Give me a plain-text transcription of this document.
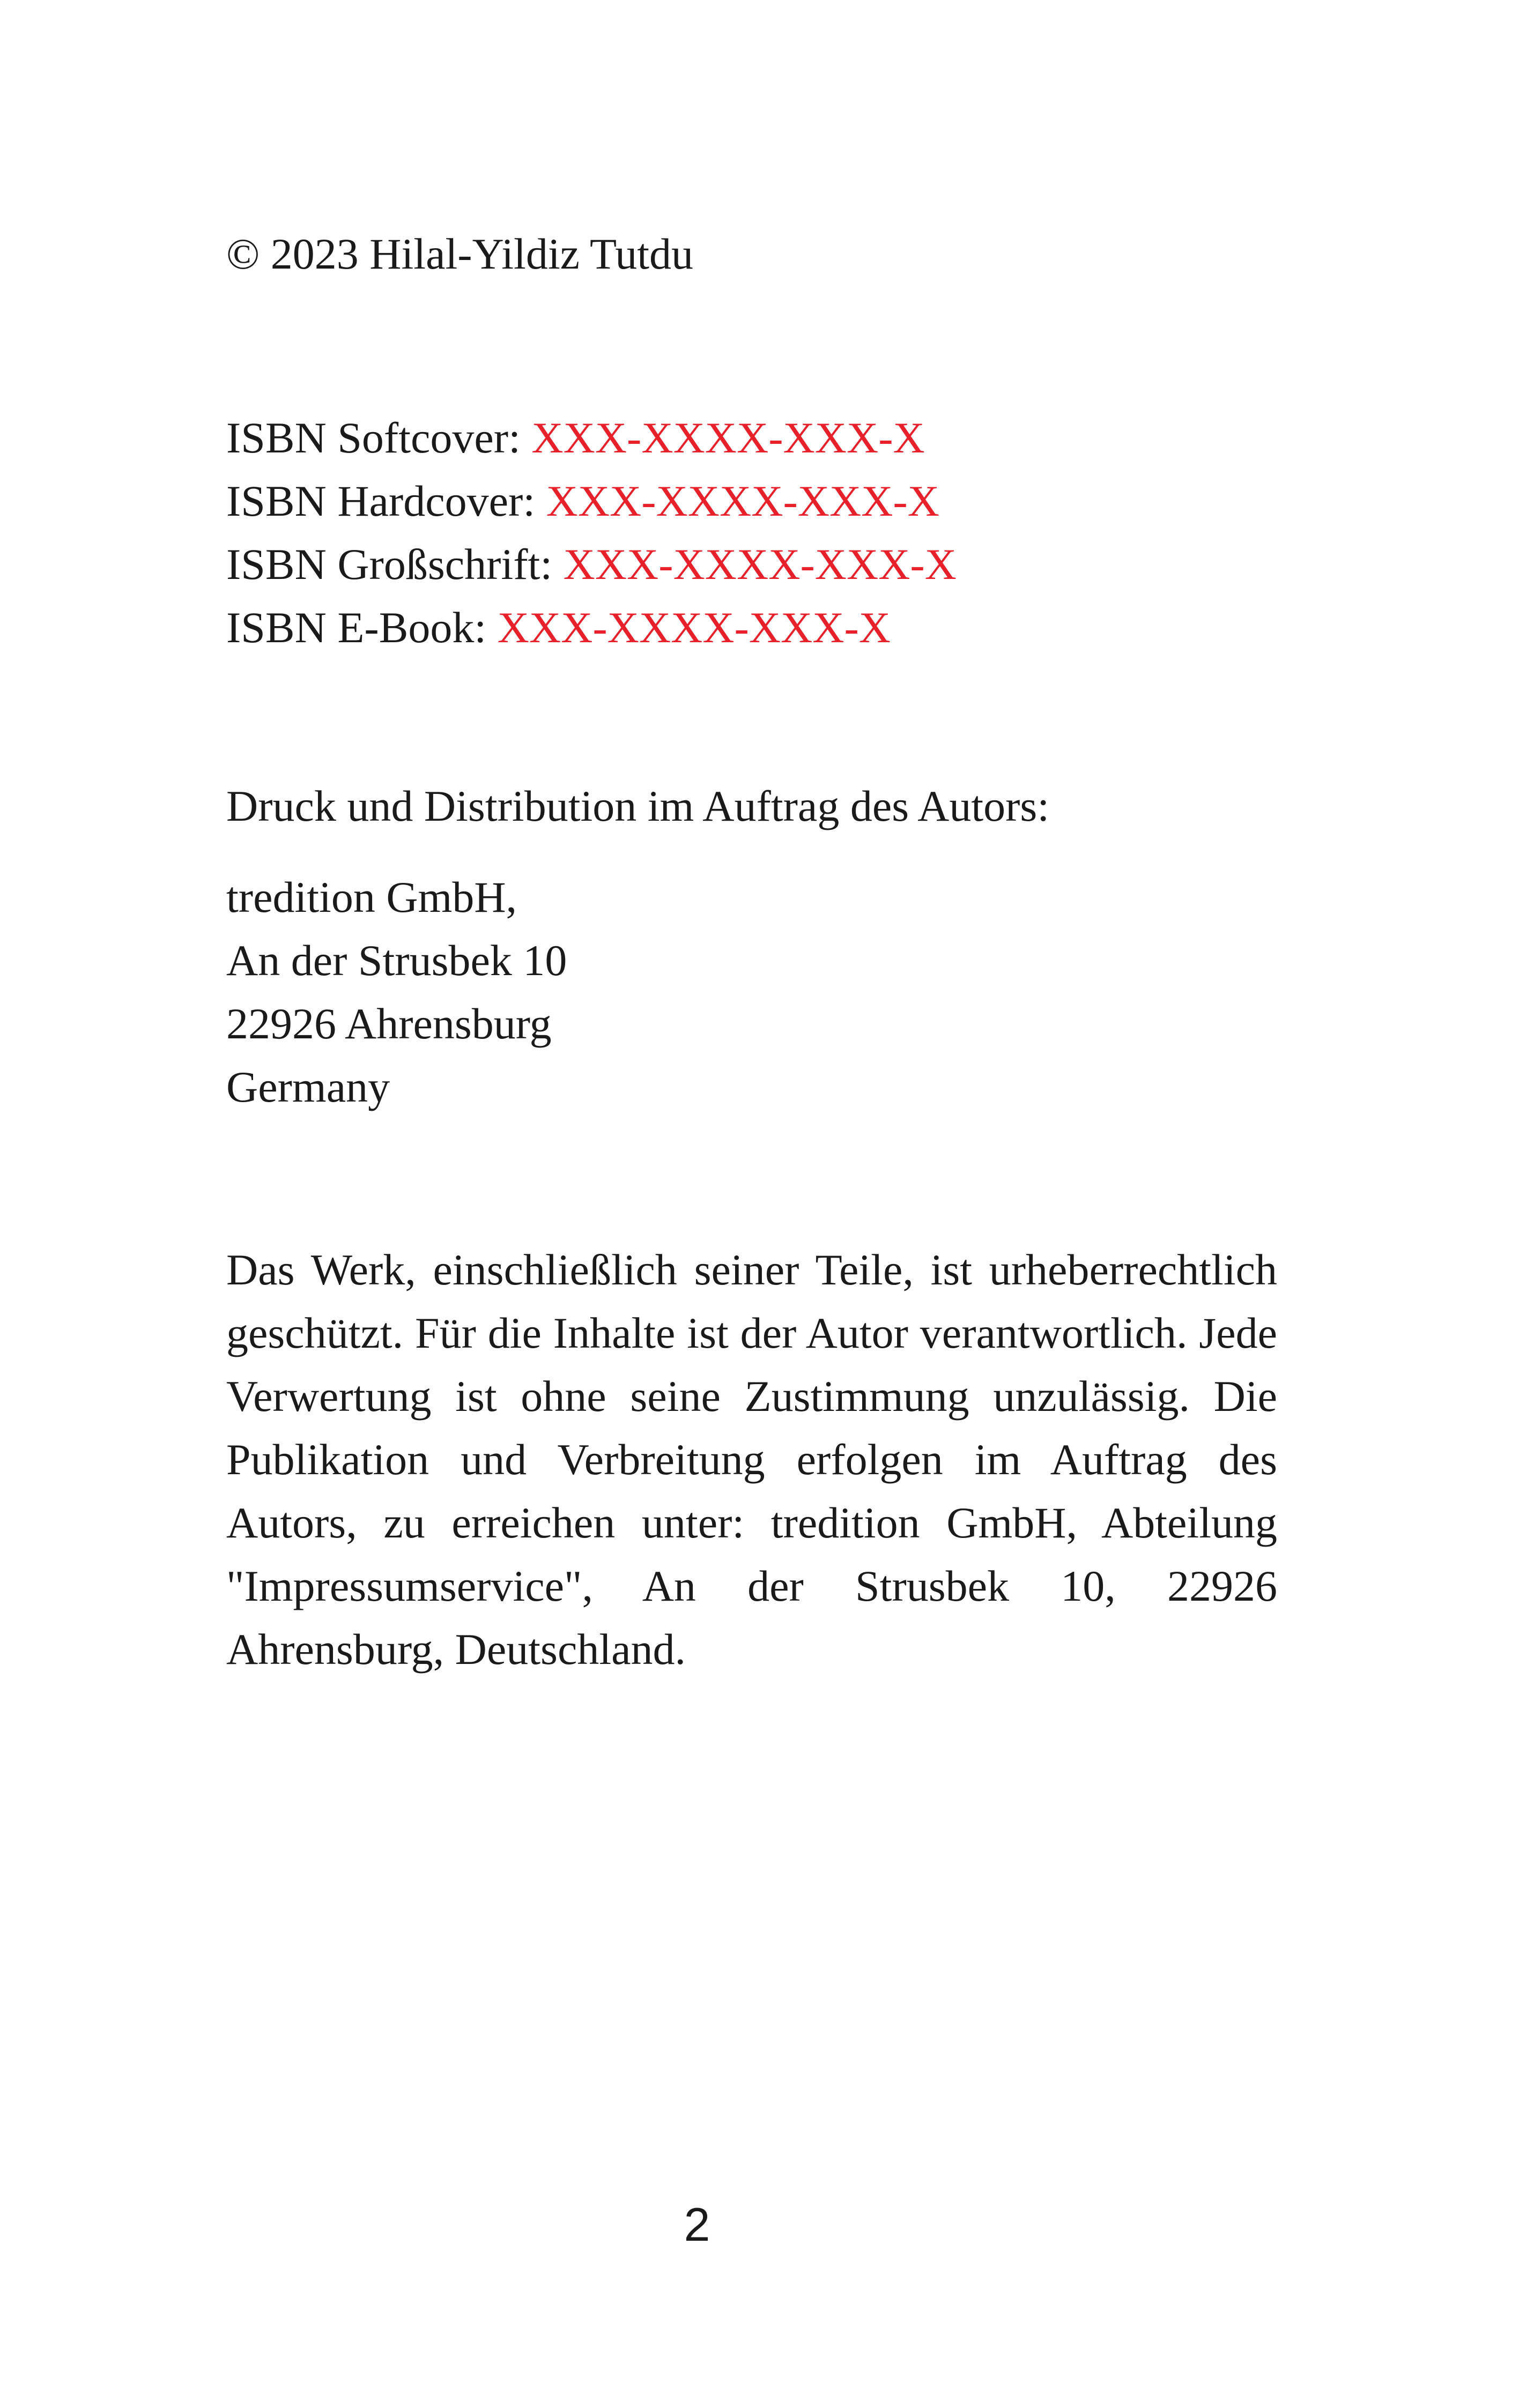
© 2023 Hilal-Yildiz Tutdu

ISBN Softcover: XXX-XXXX-XXX-X

ISBN Hardcover: XXX-XXXX-XXX-X

ISBN Großschrift: XXX-XXXX-XXX-X

ISBN E-Book: XXX-XXXX-XXX-X

Druck und Distribution im Auftrag des Autors:

tredition GmbH,

An der Strusbek 10

22926 Ahrensburg

Germany

Das Werk, einschließlich seiner Teile, ist urheberrechtlich geschützt. Für die Inhalte ist der Autor verantwortlich. Jede Verwertung ist ohne seine Zustimmung unzulässig. Die Publikation und Verbreitung erfolgen im Auftrag des Autors, zu erreichen unter: tredition GmbH, Abteilung "Impressumservice", An der Strusbek 10, 22926 Ahrensburg, Deutschland.

2
